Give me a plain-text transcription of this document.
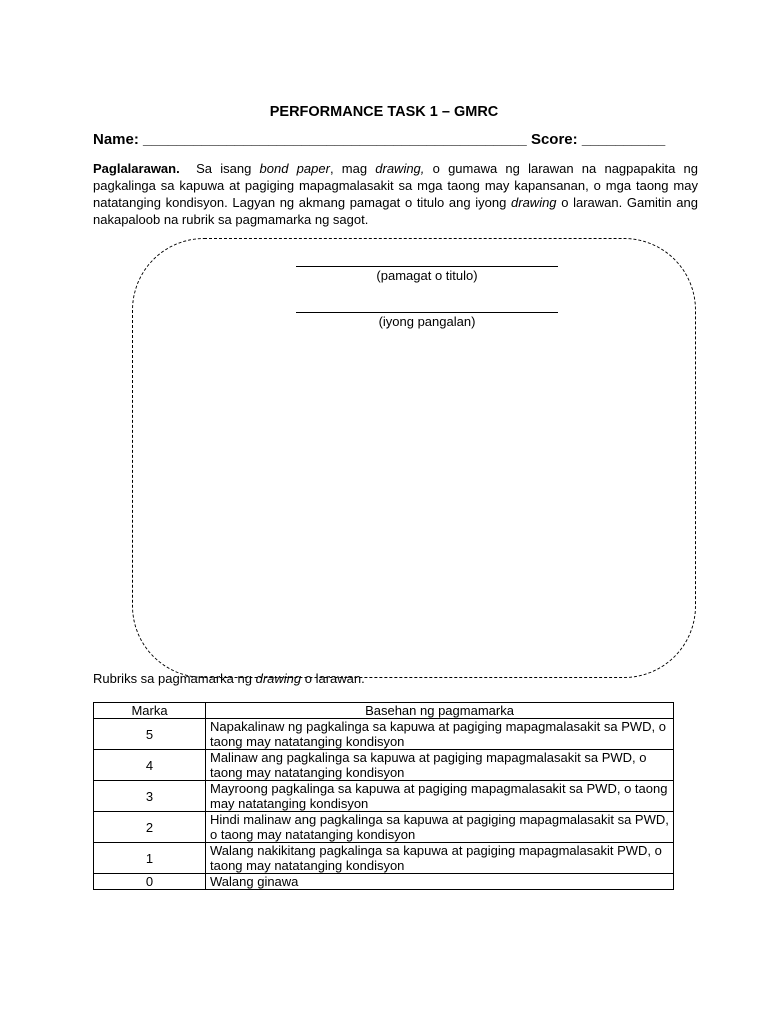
PERFORMANCE TASK 1 – GMRC
Name: ______________________________________________ Score: __________
Paglalarawan. Sa isang bond paper, mag drawing, o gumawa ng larawan na nagpapakita ng pagkalinga sa kapuwa at pagiging mapagmalasakit sa mga taong may kapansanan, o mga taong may natatanging kondisyon. Lagyan ng akmang pamagat o titulo ang iyong drawing o larawan. Gamitin ang nakapaloob na rubrik sa pagmamarka ng sagot.
(pamagat o titulo)
(iyong pangalan)
Rubriks sa pagmamarka ng drawing o larawan.
Marka	Basehan ng pagmamarka
5	Napakalinaw ng pagkalinga sa kapuwa at pagiging mapagmalasakit sa PWD, o taong may natatanging kondisyon
4	Malinaw ang pagkalinga sa kapuwa at pagiging mapagmalasakit sa PWD, o taong may natatanging kondisyon
3	Mayroong pagkalinga sa kapuwa at pagiging mapagmalasakit sa PWD, o taong may natatanging kondisyon
2	Hindi malinaw ang pagkalinga sa kapuwa at pagiging mapagmalasakit sa PWD, o taong may natatanging kondisyon
1	Walang nakikitang pagkalinga sa kapuwa at pagiging mapagmalasakit PWD, o taong may natatanging kondisyon
0	Walang ginawa
